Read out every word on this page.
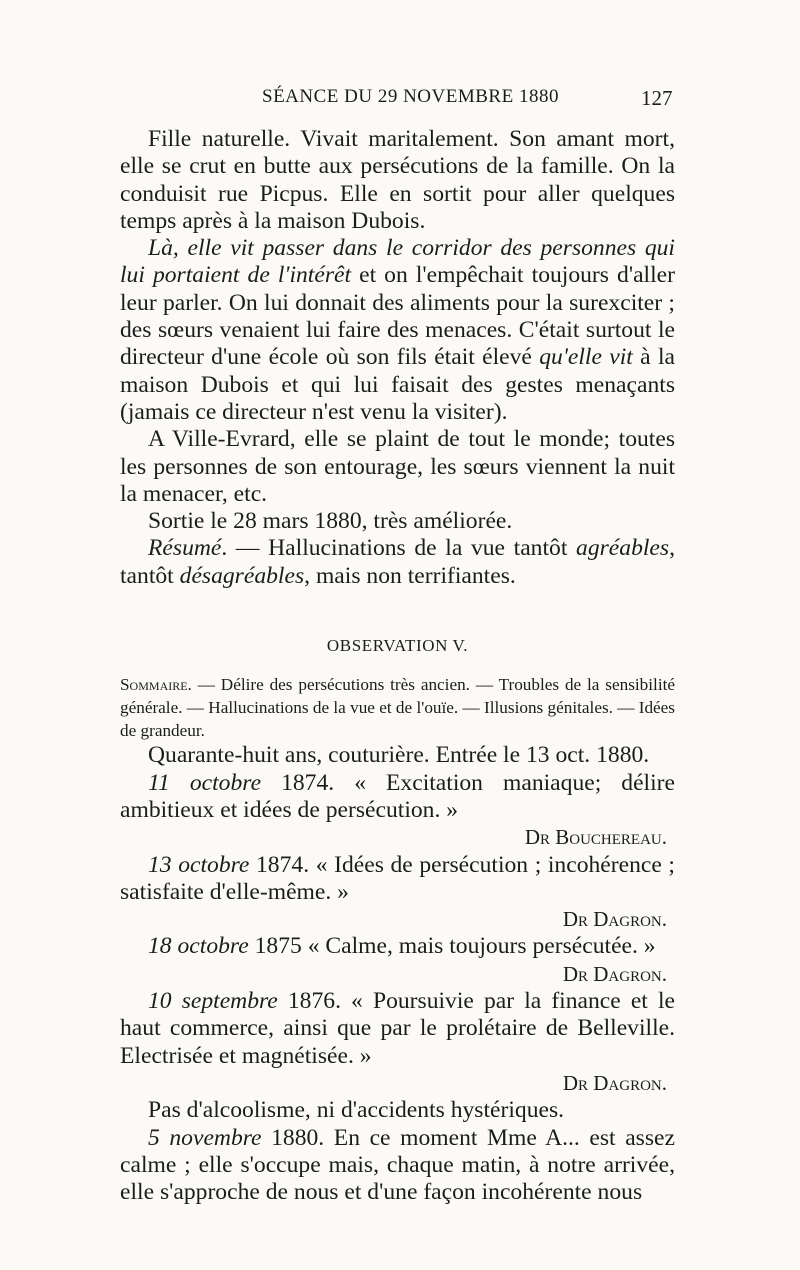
SÉANCE DU 29 NOVEMBRE 1880	127

Fille naturelle. Vivait maritalement. Son amant mort, elle se crut en butte aux persécutions de la famille. On la conduisit rue Picpus. Elle en sortit pour aller quelques temps après à la maison Dubois.

Là, elle vit passer dans le corridor des personnes qui lui portaient de l'intérêt et on l'empêchait toujours d'aller leur parler. On lui donnait des aliments pour la surexciter ; des sœurs venaient lui faire des menaces. C'était surtout le directeur d'une école où son fils était élevé qu'elle vit à la maison Dubois et qui lui faisait des gestes menaçants (jamais ce directeur n'est venu la visiter).

A Ville-Evrard, elle se plaint de tout le monde; toutes les personnes de son entourage, les sœurs viennent la nuit la menacer, etc.

Sortie le 28 mars 1880, très améliorée.

Résumé. — Hallucinations de la vue tantôt agréables, tantôt désagréables, mais non terrifiantes.

OBSERVATION V.

Sommaire. — Délire des persécutions très ancien. — Troubles de la sensibilité générale. — Hallucinations de la vue et de l'ouïe. — Illusions génitales. — Idées de grandeur.

Quarante-huit ans, couturière. Entrée le 13 oct. 1880.

11 octobre 1874. « Excitation maniaque; délire ambitieux et idées de persécution. »

Dr Bouchereau.

13 octobre 1874. « Idées de persécution ; incohérence ; satisfaite d'elle-même. »

Dr Dagron.

18 octobre 1875 « Calme, mais toujours persécutée. »

Dr Dagron.

10 septembre 1876. « Poursuivie par la finance et le haut commerce, ainsi que par le prolétaire de Belleville. Electrisée et magnétisée. »

Dr Dagron.

Pas d'alcoolisme, ni d'accidents hystériques.

5 novembre 1880. En ce moment Mme A... est assez calme ; elle s'occupe mais, chaque matin, à notre arrivée, elle s'approche de nous et d'une façon incohérente nous
